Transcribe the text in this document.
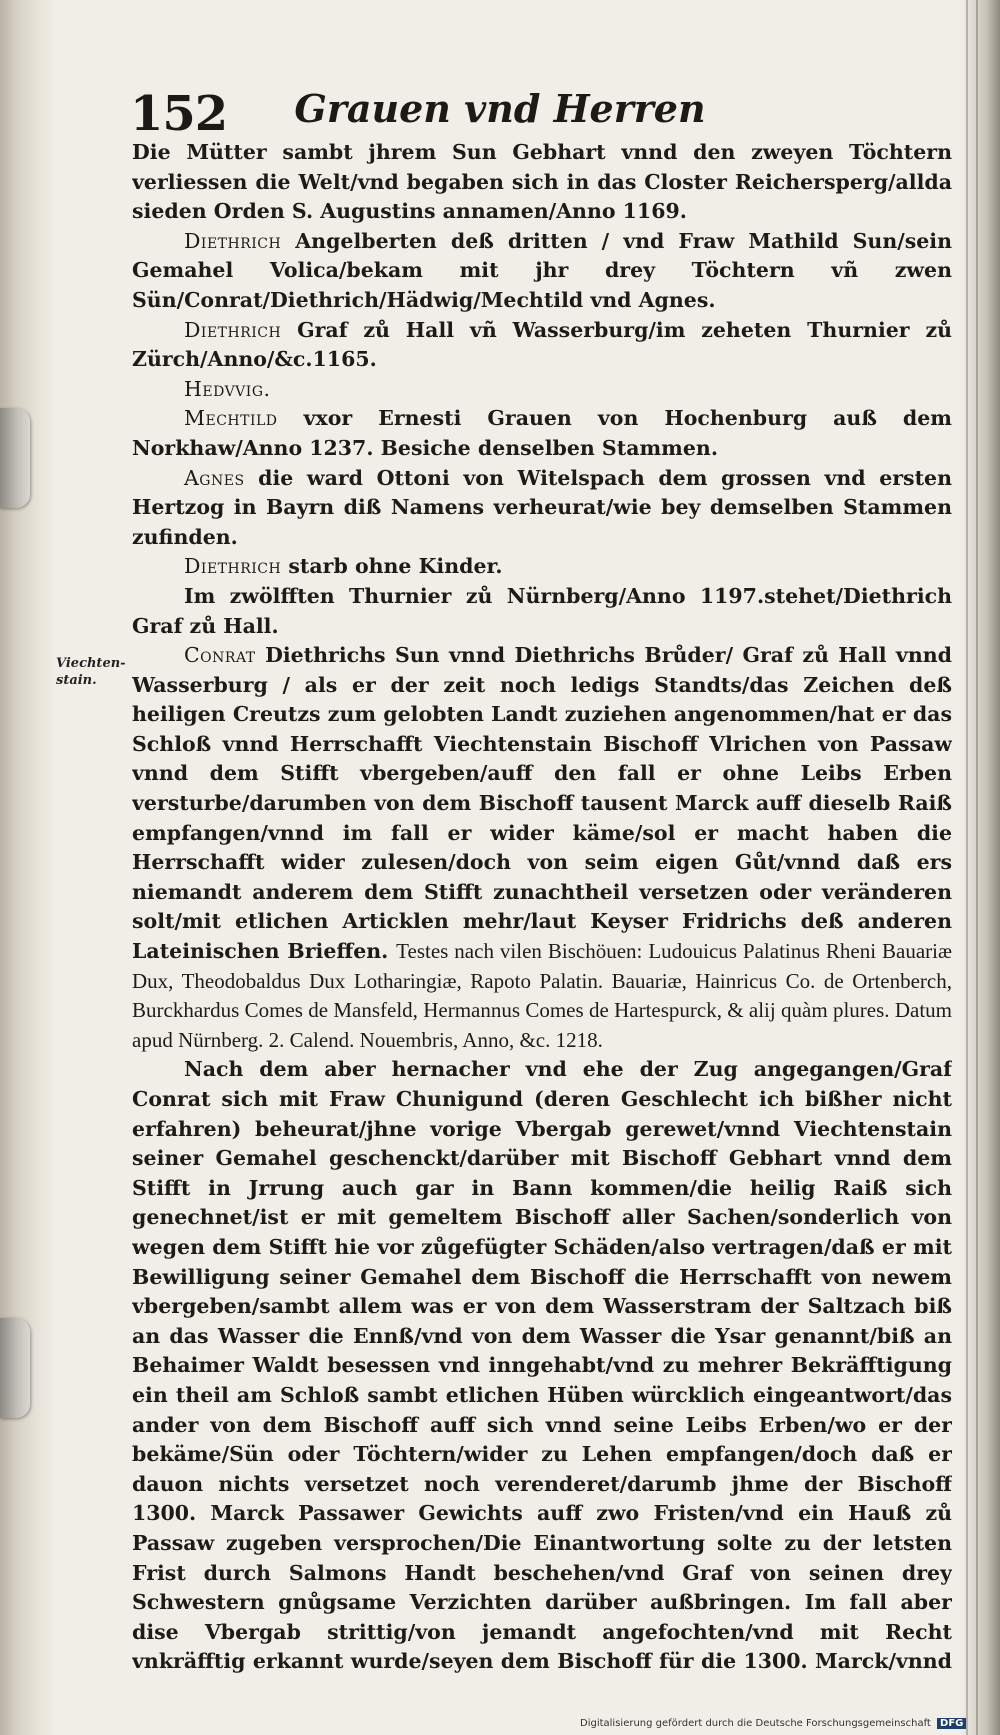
152	Grauen vnd Herren
Viechten-stain.

Die Mütter sambt jhrem Sun Gebhart vnnd den zweyen Töchtern verliessen die Welt/vnd begaben sich in das Closter Reichersperg/allda sieden Orden S. Augustins annamen/Anno 1169.

Diethrich Angelberten deß dritten / vnd Fraw Mathild Sun/sein Gemahel Volica/bekam mit jhr drey Töchtern vñ zwen Sün/Conrat/Diethrich/Hädwig/Mechtild vnd Agnes.

Diethrich Graf zů Hall vñ Wasserburg/im zeheten Thurnier zů Zürch/Anno/&c.1165.

Hedvvig.

Mechtild vxor Ernesti Grauen von Hochenburg auß dem Norkhaw/Anno 1237. Besiche denselben Stammen.

Agnes die ward Ottoni von Witelspach dem grossen vnd ersten Hertzog in Bayrn diß Namens verheurat/wie bey demselben Stammen zufinden.

Diethrich starb ohne Kinder.

Im zwölfften Thurnier zů Nürnberg/Anno 1197.stehet/Diethrich Graf zů Hall.

Conrat Diethrichs Sun vnnd Diethrichs Brůder/ Graf zů Hall vnnd Wasserburg / als er der zeit noch ledigs Standts/das Zeichen deß heiligen Creutzs zum gelobten Landt zuziehen angenommen/hat er das Schloß vnnd Herrschafft Viechtenstain Bischoff Vlrichen von Passaw vnnd dem Stifft vbergeben/auff den fall er ohne Leibs Erben versturbe/darumben von dem Bischoff tausent Marck auff dieselb Raiß empfangen/vnnd im fall er wider käme/sol er macht haben die Herrschafft wider zulesen/doch von seim eigen Gůt/vnnd daß ers niemandt anderem dem Stifft zunachtheil versetzen oder veränderen solt/mit etlichen Articklen mehr/laut Keyser Fridrichs deß anderen Lateinischen Brieffen. Testes nach vilen Bischöuen: Ludouicus Palatinus Rheni Bauariæ Dux, Theodobaldus Dux Lotharingiæ, Rapoto Palatin. Bauariæ, Hainricus Co. de Ortenberch, Burckhardus Comes de Mansfeld, Hermannus Comes de Hartespurck, & alij quàm plures. Datum apud Nürnberg. 2. Calend. Nouembris, Anno, &c. 1218.

Nach dem aber hernacher vnd ehe der Zug angegangen/Graf Conrat sich mit Fraw Chunigund (deren Geschlecht ich bißher nicht erfahren) beheurat/jhne vorige Vbergab gerewet/vnnd Viechtenstain seiner Gemahel geschenckt/darüber mit Bischoff Gebhart vnnd dem Stifft in Jrrung auch gar in Bann kommen/die heilig Raiß sich genechnet/ist er mit gemeltem Bischoff aller Sachen/sonderlich von wegen dem Stifft hie vor zůgefügter Schäden/also vertragen/daß er mit Bewilligung seiner Gemahel dem Bischoff die Herrschafft von newem vbergeben/sambt allem was er von dem Wasserstram der Saltzach biß an das Wasser die Ennß/vnd von dem Wasser die Ysar genannt/biß an Behaimer Waldt besessen vnd inngehabt/vnd zu mehrer Bekräfftigung ein theil am Schloß sambt etlichen Hüben würcklich eingeantwort/das ander von dem Bischoff auff sich vnnd seine Leibs Erben/wo er der bekäme/Sün oder Töchtern/wider zu Lehen empfangen/doch daß er dauon nichts versetzet noch verenderet/darumb jhme der Bischoff 1300. Marck Passawer Gewichts auff zwo Fristen/vnd ein Hauß zů Passaw zugeben versprochen/Die Einantwortung solte zu der letsten Frist durch Salmons Handt beschehen/vnd Graf von seinen drey Schwestern gnůgsame Verzichten darüber außbringen. Im fall aber dise Vbergab strittig/von jemandt angefochten/vnd mit Recht vnkräfftig erkannt wurde/seyen dem Bischoff für die 1300. Marck/vnnd

Digitalisierung gefördert durch die Deutsche Forschungsgemeinschaft DFG
